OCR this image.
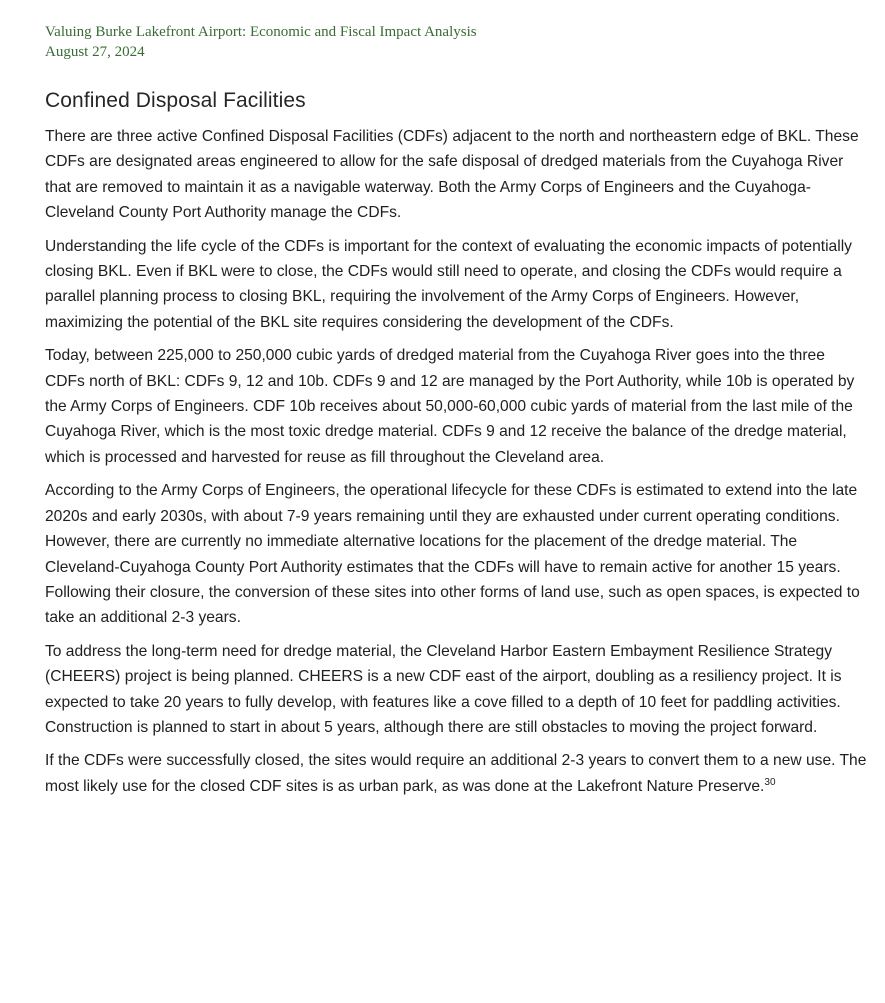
Valuing Burke Lakefront Airport: Economic and Fiscal Impact Analysis
August 27, 2024
Confined Disposal Facilities

There are three active Confined Disposal Facilities (CDFs) adjacent to the north and northeastern edge of BKL. These CDFs are designated areas engineered to allow for the safe disposal of dredged materials from the Cuyahoga River that are removed to maintain it as a navigable waterway. Both the Army Corps of Engineers and the Cuyahoga-Cleveland County Port Authority manage the CDFs.

Understanding the life cycle of the CDFs is important for the context of evaluating the economic impacts of potentially closing BKL. Even if BKL were to close, the CDFs would still need to operate, and closing the CDFs would require a parallel planning process to closing BKL, requiring the involvement of the Army Corps of Engineers. However, maximizing the potential of the BKL site requires considering the development of the CDFs.

Today, between 225,000 to 250,000 cubic yards of dredged material from the Cuyahoga River goes into the three CDFs north of BKL: CDFs 9, 12 and 10b. CDFs 9 and 12 are managed by the Port Authority, while 10b is operated by the Army Corps of Engineers. CDF 10b receives about 50,000-60,000 cubic yards of material from the last mile of the Cuyahoga River, which is the most toxic dredge material. CDFs 9 and 12 receive the balance of the dredge material, which is processed and harvested for reuse as fill throughout the Cleveland area.

According to the Army Corps of Engineers, the operational lifecycle for these CDFs is estimated to extend into the late 2020s and early 2030s, with about 7-9 years remaining until they are exhausted under current operating conditions. However, there are currently no immediate alternative locations for the placement of the dredge material. The Cleveland-Cuyahoga County Port Authority estimates that the CDFs will have to remain active for another 15 years. Following their closure, the conversion of these sites into other forms of land use, such as open spaces, is expected to take an additional 2-3 years.

To address the long-term need for dredge material, the Cleveland Harbor Eastern Embayment Resilience Strategy (CHEERS) project is being planned. CHEERS is a new CDF east of the airport, doubling as a resiliency project. It is expected to take 20 years to fully develop, with features like a cove filled to a depth of 10 feet for paddling activities. Construction is planned to start in about 5 years, although there are still obstacles to moving the project forward.

If the CDFs were successfully closed, the sites would require an additional 2-3 years to convert them to a new use. The most likely use for the closed CDF sites is as urban park, as was done at the Lakefront Nature Preserve.$^{30}$
